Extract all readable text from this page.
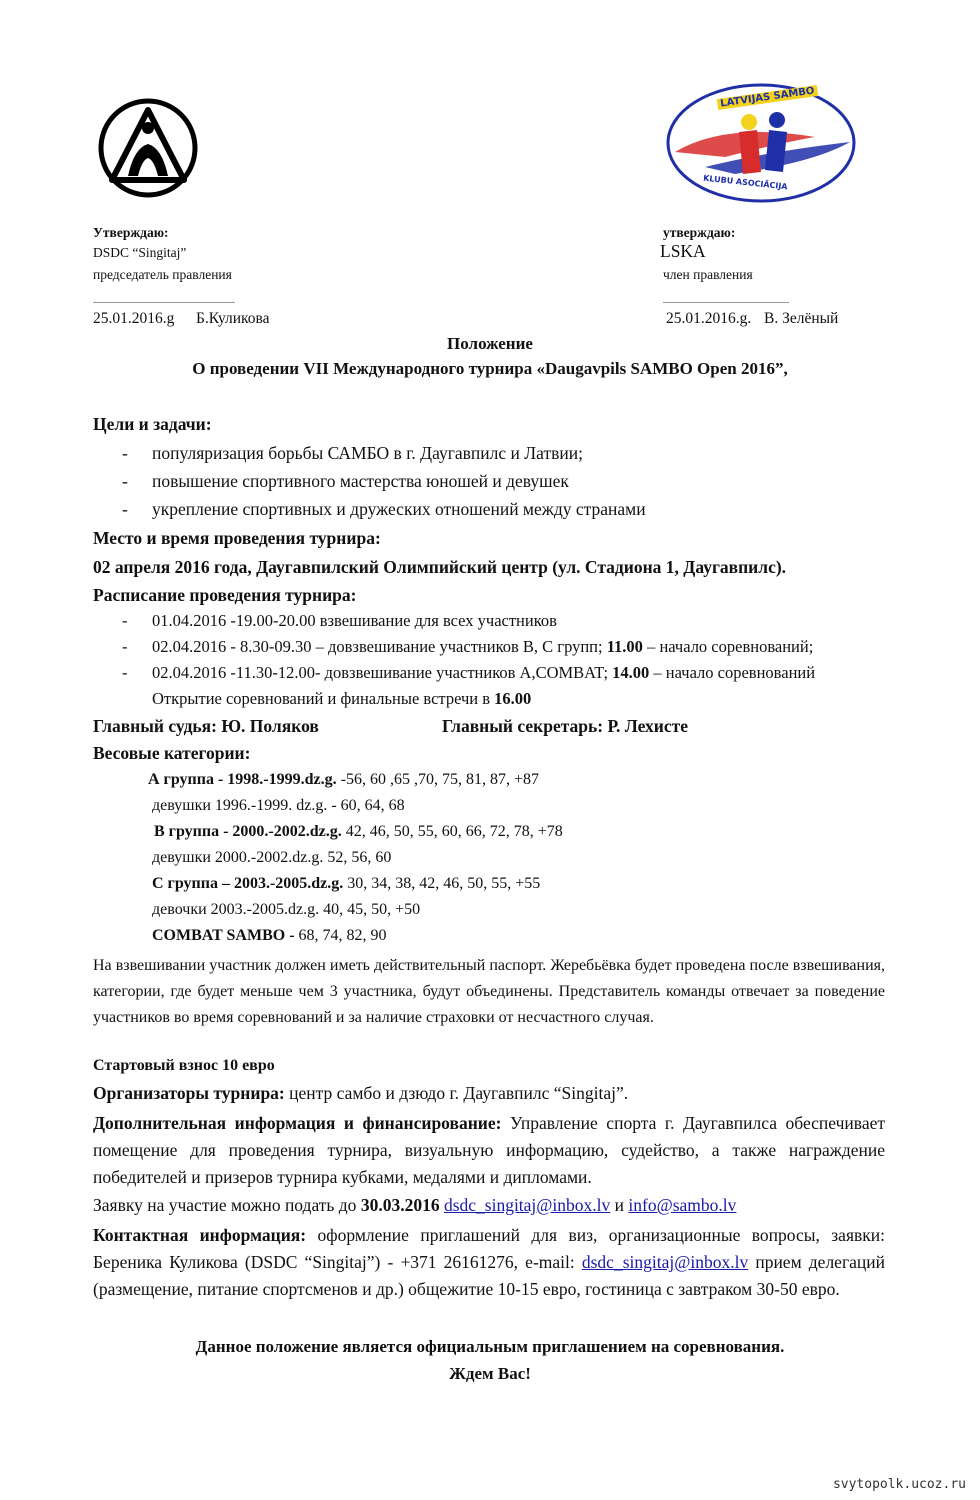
LATVIJAS SAMBO
KLUBU ASOCIĀCIJA
Утверждаю:
DSDC “Singitaj”
председатель правления
25.01.2016.g Б.Куликова
утверждаю:
LSKA
член правления
25.01.2016.g. В. Зелёный
Положение
О проведении VII Международного турнира «Daugavpils SAMBO Open 2016”,
Цели и задачи:
- популяризация борьбы САМБО в г. Даугавпилс и Латвии;
- повышение спортивного мастерства юношей и девушек
- укрепление спортивных и дружеских отношений между странами
Место и время проведения турнира:
02 апреля 2016 года, Даугавпилский Олимпийский центр (ул. Стадиона 1, Даугавпилс).
Расписание проведения турнира:
- 01.04.2016 -19.00-20.00 взвешивание для всех участников
- 02.04.2016 - 8.30-09.30 – довзвешивание участников B, C групп; 11.00 – начало соревнований;
- 02.04.2016 -11.30-12.00- довзвешивание участников A,COMBAT; 14.00 – начало соревнований
Открытие соревнований и финальные встречи в 16.00
Главный судья: Ю. Поляков	Главный секретарь: Р. Лехисте
Весовые категории:
А группа - 1998.-1999.dz.g. -56, 60 ,65 ,70, 75, 81, 87, +87
девушки 1996.-1999. dz.g. - 60, 64, 68
В группа - 2000.-2002.dz.g. 42, 46, 50, 55, 60, 66, 72, 78, +78
девушки 2000.-2002.dz.g. 52, 56, 60
C группа – 2003.-2005.dz.g. 30, 34, 38, 42, 46, 50, 55, +55
девочки 2003.-2005.dz.g. 40, 45, 50, +50
COMBAT SAMBO - 68, 74, 82, 90
На взвешивании участник должен иметь действительный паспорт. Жеребьёвка будет проведена после взвешивания, категории, где будет меньше чем 3 участника, будут объединены. Представитель команды отвечает за поведение участников во время соревнований и за наличие страховки от несчастного случая.
Стартовый взнос 10 евро
Организаторы турнира: центр самбо и дзюдо г. Даугавпилс “Singitaj”.
Дополнительная информация и финансирование: Управление спорта г. Даугавпилса обеспечивает помещение для проведения турнира, визуальную информацию, судейство, а также награждение победителей и призеров турнира кубками, медалями и дипломами.
Заявку на участие можно подать до 30.03.2016 dsdc_singitaj@inbox.lv и info@sambo.lv
Контактная информация: оформление приглашений для виз, организационные вопросы, заявки: Береника Куликова (DSDC “Singitaj”) - +371 26161276, e-mail: dsdc_singitaj@inbox.lv прием делегаций (размещение, питание спортсменов и др.) общежитие 10-15 евро, гостиница с завтраком 30-50 евро.
Данное положение является официальным приглашением на соревнования.
Ждем Вас!
svytopolk.ucoz.ru
